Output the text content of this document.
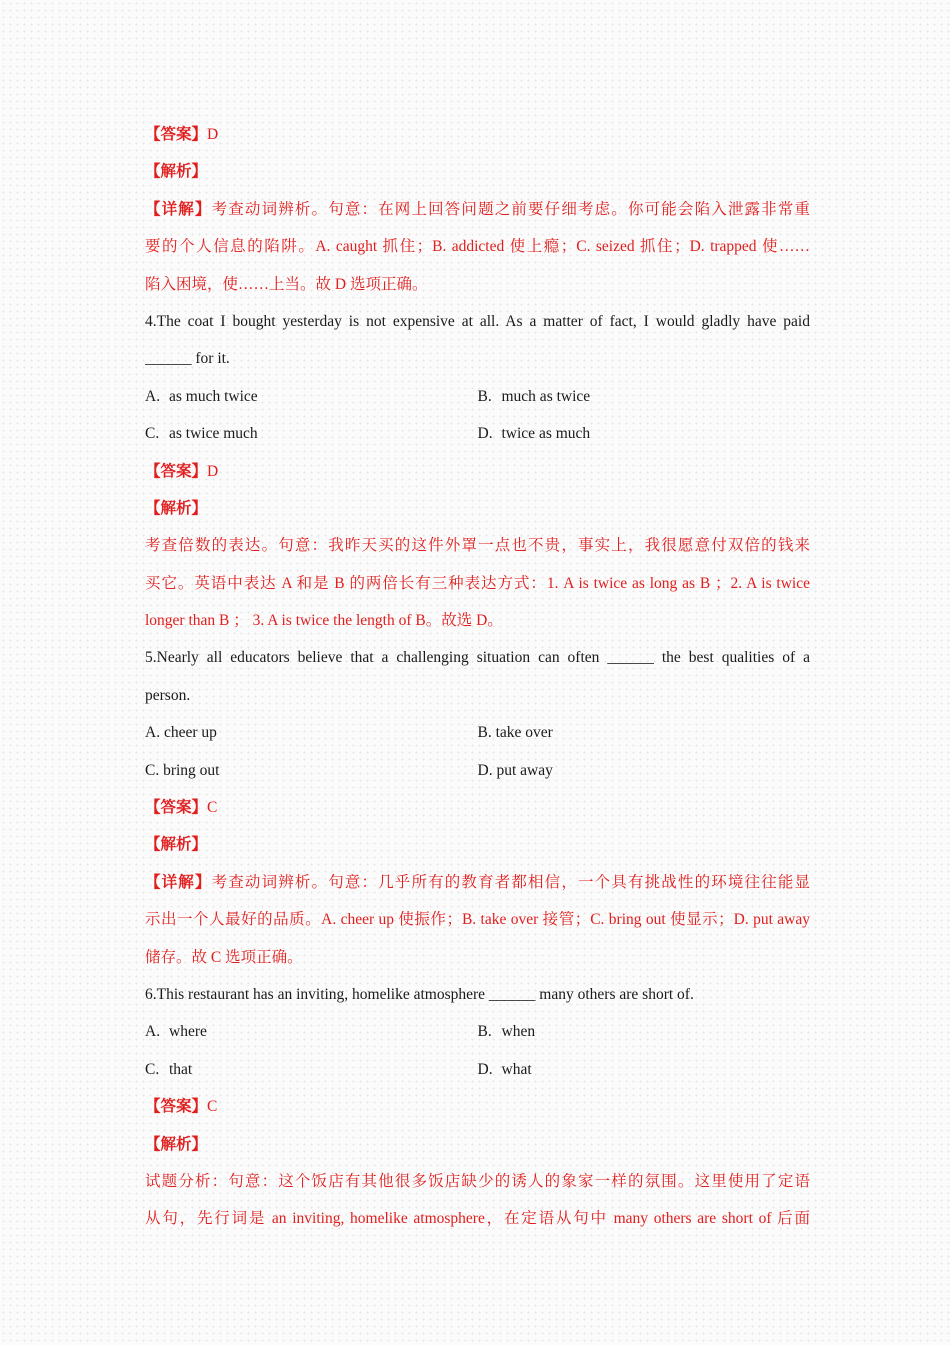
【答案】D
【解析】
【详解】考查动词辨析。句意：在网上回答问题之前要仔细考虑。你可能会陷入泄露非常重
要的个人信息的陷阱。A. caught 抓住；B. addicted 使上瘾；C. seized 抓住；D. trapped 使……
陷入困境，使……上当。故 D 选项正确。
4.The coat I bought yesterday is not expensive at all. As a matter of fact, I would gladly have paid
______ for it.
A. as much twice	B. much as twice
C. as twice much	D. twice as much
【答案】D
【解析】
考查倍数的表达。句意：我昨天买的这件外罩一点也不贵，事实上，我很愿意付双倍的钱来
买它。英语中表达 A 和是 B 的两倍长有三种表达方式：1. A is twice as long as B ；2. A is twice
longer than B ； 3. A is twice the length of B。故选 D。
5.Nearly all educators believe that a challenging situation can often ______ the best qualities of a
person.
A. cheer up	B. take over
C. bring out	D. put away
【答案】C
【解析】
【详解】考查动词辨析。句意：几乎所有的教育者都相信，一个具有挑战性的环境往往能显
示出一个人最好的品质。A. cheer up 使振作；B. take over 接管；C. bring out 使显示；D. put away
储存。故 C 选项正确。
6.This restaurant has an inviting, homelike atmosphere ______ many others are short of.
A. where	B. when
C. that	D. what
【答案】C
【解析】
试题分析：句意：这个饭店有其他很多饭店缺少的诱人的象家一样的氛围。这里使用了定语
从句，先行词是 an inviting, homelike atmosphere，在定语从句中 many others are short of 后面
